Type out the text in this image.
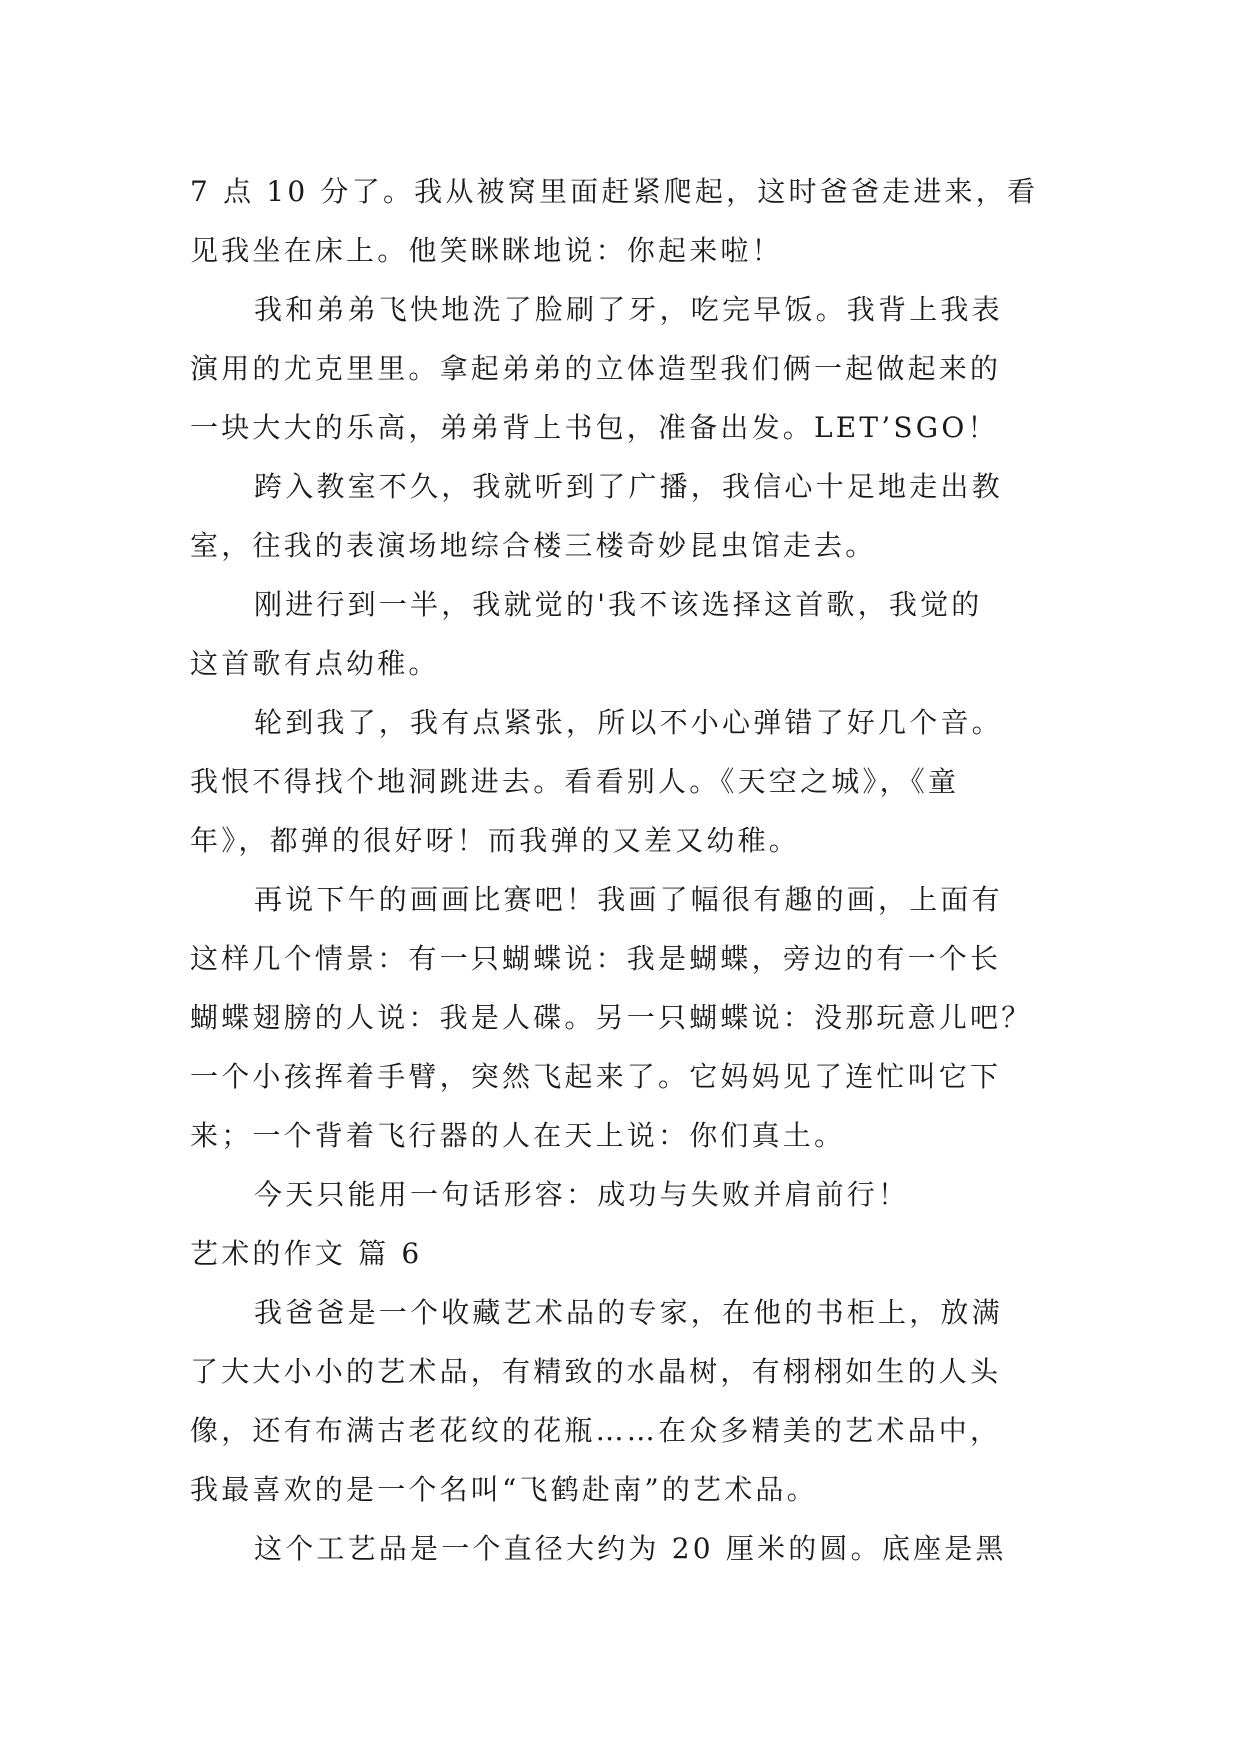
7 点 10 分了。我从被窝里面赶紧爬起，这时爸爸走进来，看
见我坐在床上。他笑眯眯地说：你起来啦！
我和弟弟飞快地洗了脸刷了牙，吃完早饭。我背上我表
演用的尤克里里。拿起弟弟的立体造型我们俩一起做起来的
一块大大的乐高，弟弟背上书包，准备出发。LET’SGO！
跨入教室不久，我就听到了广播，我信心十足地走出教
室，往我的表演场地综合楼三楼奇妙昆虫馆走去。
刚进行到一半，我就觉的'我不该选择这首歌，我觉的
这首歌有点幼稚。
轮到我了，我有点紧张，所以不小心弹错了好几个音。
我恨不得找个地洞跳进去。看看别人。《天空之城》，《童
年》，都弹的很好呀！而我弹的又差又幼稚。
再说下午的画画比赛吧！我画了幅很有趣的画，上面有
这样几个情景：有一只蝴蝶说：我是蝴蝶，旁边的有一个长
蝴蝶翅膀的人说：我是人碟。另一只蝴蝶说：没那玩意儿吧？
一个小孩挥着手臂，突然飞起来了。它妈妈见了连忙叫它下
来；一个背着飞行器的人在天上说：你们真土。
今天只能用一句话形容：成功与失败并肩前行！
艺术的作文 篇 6
我爸爸是一个收藏艺术品的专家，在他的书柜上，放满
了大大小小的艺术品，有精致的水晶树，有栩栩如生的人头
像，还有布满古老花纹的花瓶……在众多精美的艺术品中，
我最喜欢的是一个名叫“飞鹤赴南”的艺术品。
这个工艺品是一个直径大约为 20 厘米的圆。底座是黑
